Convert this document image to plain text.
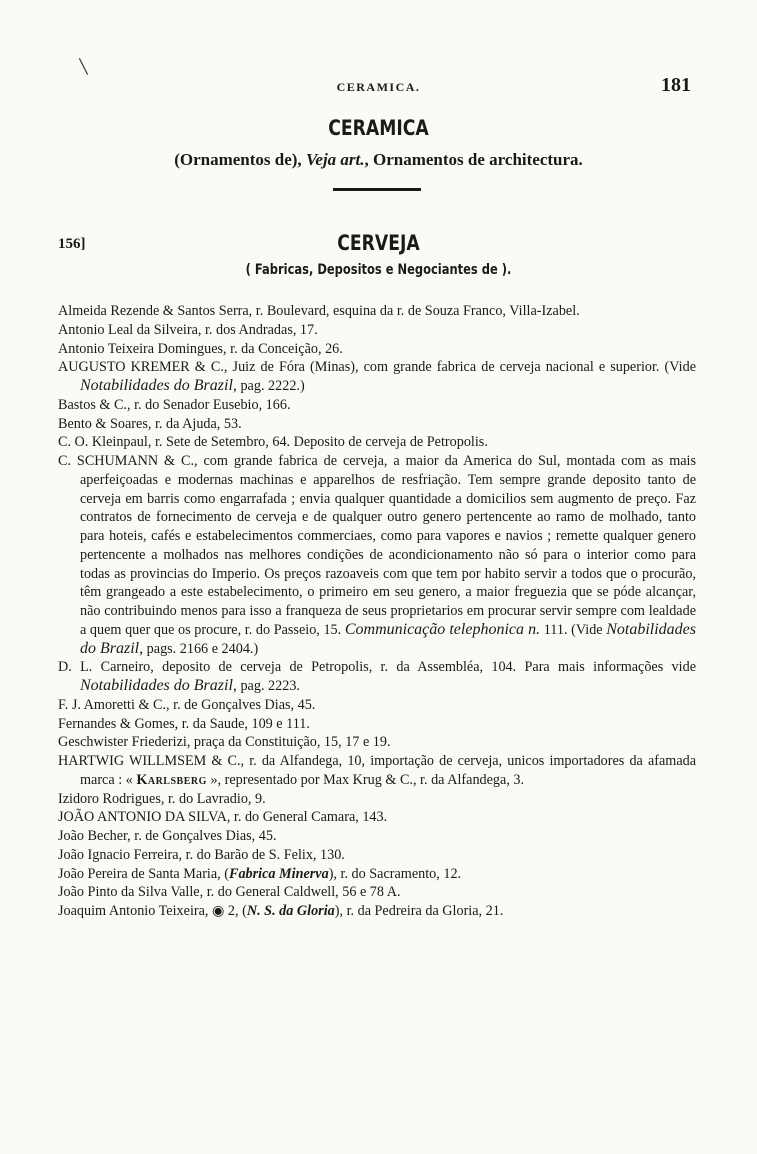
\
CERAMICA.	181
CERAMICA
(Ornamentos de), Veja art., Ornamentos de architectura.
156]	CERVEJA
( Fabricas, Depositos e Negociantes de ).
Almeida Rezende & Santos Serra, r. Boulevard, esquina da r. de Souza Franco, Villa-Izabel.
Antonio Leal da Silveira, r. dos Andradas, 17.
Antonio Teixeira Domingues, r. da Conceição, 26.
AUGUSTO KREMER & C., Juiz de Fóra (Minas), com grande fabrica de cerveja nacional e superior. (Vide Notabilidades do Brazil, pag. 2222.)
Bastos & C., r. do Senador Eusebio, 166.
Bento & Soares, r. da Ajuda, 53.
C. O. Kleinpaul, r. Sete de Setembro, 64. Deposito de cerveja de Petropolis.
C. SCHUMANN & C., com grande fabrica de cerveja, a maior da America do Sul, montada com as mais aperfeiçoadas e modernas machinas e apparelhos de resfriação. Tem sempre grande deposito tanto de cerveja em barris como engarrafada ; envia qualquer quantidade a domicilios sem augmento de preço. Faz contratos de fornecimento de cerveja e de qualquer outro genero pertencente ao ramo de molhado, tanto para hoteis, cafés e estabelecimentos commerciaes, como para vapores e navios ; remette qualquer genero pertencente a molhados nas melhores condições de acondicionamento não só para o interior como para todas as provincias do Imperio. Os preços razoaveis com que tem por habito servir a todos que o procurão, têm grangeado a este estabelecimento, o primeiro em seu genero, a maior freguezia que se póde alcançar, não contribuindo menos para isso a franqueza de seus proprietarios em procurar servir sempre com lealdade a quem quer que os procure, r. do Passeio, 15. Communicação telephonica n. 111. (Vide Notabilidades do Brazil, pags. 2166 e 2404.)
D. L. Carneiro, deposito de cerveja de Petropolis, r. da Assembléa, 104. Para mais informações vide Notabilidades do Brazil, pag. 2223.
F. J. Amoretti & C., r. de Gonçalves Dias, 45.
Fernandes & Gomes, r. da Saude, 109 e 111.
Geschwister Friederizi, praça da Constituição, 15, 17 e 19.
HARTWIG WILLMSEM & C., r. da Alfandega, 10, importação de cerveja, unicos importadores da afamada marca : « Karlsberg », representado por Max Krug & C., r. da Alfandega, 3.
Izidoro Rodrigues, r. do Lavradio, 9.
JOÃO ANTONIO DA SILVA, r. do General Camara, 143.
João Becher, r. de Gonçalves Dias, 45.
João Ignacio Ferreira, r. do Barão de S. Felix, 130.
João Pereira de Santa Maria, (Fabrica Minerva), r. do Sacramento, 12.
João Pinto da Silva Valle, r. do General Caldwell, 56 e 78 A.
Joaquim Antonio Teixeira, ◉ 2, (N. S. da Gloria), r. da Pedreira da Gloria, 21.
